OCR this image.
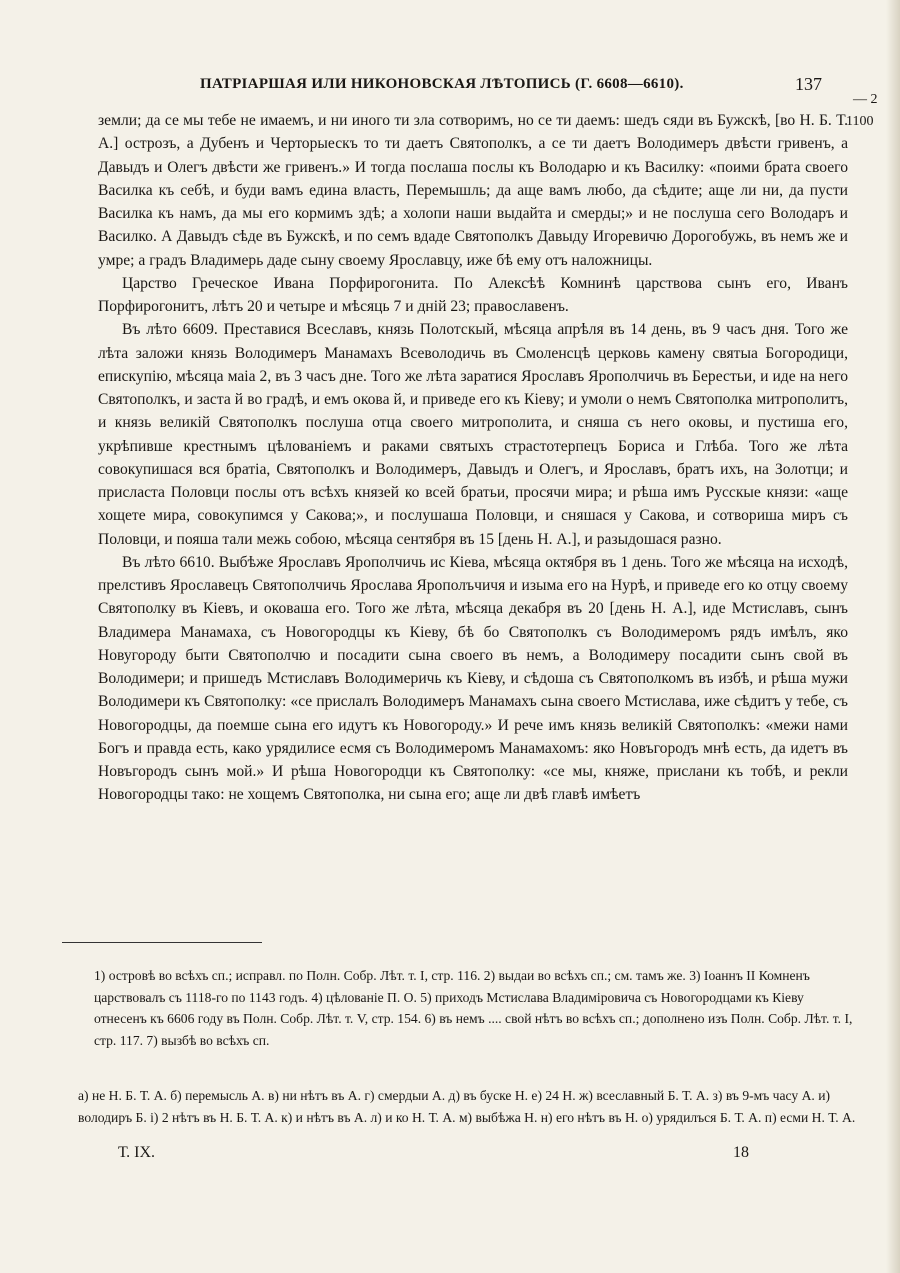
ПАТРІАРШАЯ ИЛИ НИКОНОВСКАЯ ЛѢТОПИСЬ (Г. 6608—6610).	137
1100
— 2

земли; да се мы тебе не имаемъ, и ни иного ти зла сотворимъ, но се ти даемъ: шедъ сяди въ Бужскѣ, [во Н. Б. Т. А.] острозъ, а Дубенъ и Черторыескъ то ти даетъ Святополкъ, а се ти даетъ Володимеръ двѣсти гривенъ, а Давыдъ и Олегъ двѣсти же гривенъ.» И тогда послаша послы къ Володарю и къ Василку: «поими брата своего Василка къ себѣ, и буди вамъ едина власть, Перемышль; да аще вамъ любо, да сѣдите; аще ли ни, да пусти Василка къ намъ, да мы его кормимъ здѣ; а холопи наши выдайта и смерды;» и не послуша сего Володаръ и Василко. А Давыдъ сѣде въ Бужскѣ, и по семъ вдаде Святополкъ Давыду Игоревичю Дорогобужь, въ немъ же и умре; а градъ Владимерь даде сыну своему Ярославцу, иже бѣ ему отъ наложницы.

Царство Греческое Ивана Порфирогонита. По Алексѣѣ Комнинѣ царствова сынъ его, Иванъ Порфирогонитъ, лѣтъ 20 и четыре и мѣсяць 7 и дній 23; православенъ.

Въ лѣто 6609. Преставися Всеславъ, князь Полотскый, мѣсяца апрѣля въ 14 день, въ 9 часъ дня. Того же лѣта заложи князь Володимеръ Манамахъ Всеволодичь въ Смоленсцѣ церковь камену святыа Богородици, епискупію, мѣсяца маіа 2, въ 3 часъ дне. Того же лѣта заратися Ярославъ Ярополчичь въ Берестьи, и иде на него Святополкъ, и заста й во градѣ, и емъ окова й, и приведе его къ Кіеву; и умоли о немъ Святополка митрополитъ, и князь великій Святополкъ послуша отца своего митрополита, и сняша съ него оковы, и пустиша его, укрѣпивше крестнымъ цѣлованіемъ и раками святыхъ страстотерпецъ Бориса и Глѣба. Того же лѣта совокупишася вся братіа, Святополкъ и Володимеръ, Давыдъ и Олегъ, и Ярославъ, братъ ихъ, на Золотци; и присласта Половци послы отъ всѣхъ князей ко всей братьи, просячи мира; и рѣша имъ Русскые князи: «аще хощете мира, совокупимся у Сакова;», и послушаша Половци, и сняшася у Сакова, и сотвориша миръ съ Половци, и пояша тали межь собою, мѣсяца сентября въ 15 [день Н. А.], и разыдошася разно.

Въ лѣто 6610. Выбѣже Ярославъ Ярополчичь ис Кіева, мѣсяца октября въ 1 день. Того же мѣсяца на исходѣ, прелстивъ Ярославецъ Святополчичь Ярослава Ярополъчичя и изыма его на Нурѣ, и приведе его ко отцу своему Святополку въ Кіевъ, и оковаша его. Того же лѣта, мѣсяца декабря въ 20 [день Н. А.], иде Мстиславъ, сынъ Владимера Манамаха, съ Новогородцы къ Кіеву, бѣ бо Святополкъ съ Володимеромъ рядъ имѣлъ, яко Новугороду быти Святополчю и посадити сына своего въ немъ, а Володимеру посадити сынъ свой въ Володимери; и пришедъ Мстиславъ Володимеричь къ Кіеву, и сѣдоша съ Святополкомъ въ избѣ, и рѣша мужи Володимери къ Святополку: «се прислалъ Володимеръ Манамахъ сына своего Мстислава, иже сѣдитъ у тебе, съ Новогородцы, да поемше сына его идутъ къ Новогороду.» И рече имъ князь великій Святополкъ: «межи нами Богъ и правда есть, како урядилисе есмя съ Володимеромъ Манамахомъ: яко Новъгородъ мнѣ есть, да идетъ въ Новъгородъ сынъ мой.» И рѣша Новогородци къ Святополку: «се мы, княже, прислани къ тобѣ, и рекли Новогородцы тако: не хощемъ Святополка, ни сына его; аще ли двѣ главѣ имѣетъ

1) островѣ во всѣхъ сп.; исправл. по Полн. Собр. Лѣт. т. I, стр. 116. 2) выдаи во всѣхъ сп.; см. тамъ же. 3) Іоаннъ II Комненъ царствовалъ съ 1118-го по 1143 годъ. 4) цѣлованіе П. О. 5) приходъ Мстислава Владиміровича съ Новогородцами къ Кіеву отнесенъ къ 6606 году въ Полн. Собр. Лѣт. т. V, стр. 154. 6) въ немъ .... свой нѣтъ во всѣхъ сп.; дополнено изъ Полн. Собр. Лѣт. т. I, стр. 117. 7) вызбѣ во всѣхъ сп.

а) не Н. Б. Т. А. б) перемысль А. в) ни нѣтъ въ А. г) смердыи А. д) въ буске Н. е) 24 Н. ж) всеславный Б. Т. А. з) въ 9-мъ часу А. и) володиръ Б. і) 2 нѣтъ въ Н. Б. Т. А. к) и нѣтъ въ А. л) и ко Н. Т. А. м) выбѣжа Н. н) его нѣтъ въ Н. о) урядилъся Б. Т. А. п) есми Н. Т. А.
Т. IX.	18
